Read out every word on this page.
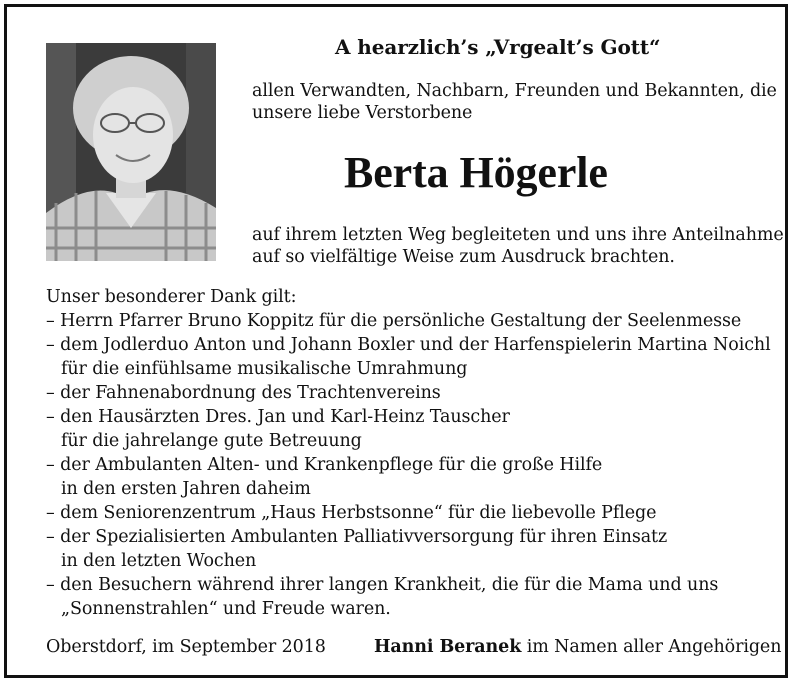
A hearzlich’s „Vrgealt’s Gott“
allen Verwandten, Nachbarn, Freunden und Bekannten, die
unsere liebe Verstorbene
Berta Högerle
auf ihrem letzten Weg begleiteten und uns ihre Anteilnahme
auf so vielfältige Weise zum Ausdruck brachten.
Unser besonderer Dank gilt:
– Herrn Pfarrer Bruno Koppitz für die persönliche Gestaltung der Seelenmesse
– dem Jodlerduo Anton und Johann Boxler und der Harfenspielerin Martina Noichl
für die einfühlsame musikalische Umrahmung
– der Fahnenabordnung des Trachtenvereins
– den Hausärzten Dres. Jan und Karl-Heinz Tauscher
für die jahrelange gute Betreuung
– der Ambulanten Alten- und Krankenpflege für die große Hilfe
in den ersten Jahren daheim
– dem Seniorenzentrum „Haus Herbstsonne“ für die liebevolle Pflege
– der Spezialisierten Ambulanten Palliativversorgung für ihren Einsatz
in den letzten Wochen
– den Besuchern während ihrer langen Krankheit, die für die Mama und uns
„Sonnenstrahlen“ und Freude waren.
Oberstdorf, im September 2018	Hanni Beranek im Namen aller Angehörigen
